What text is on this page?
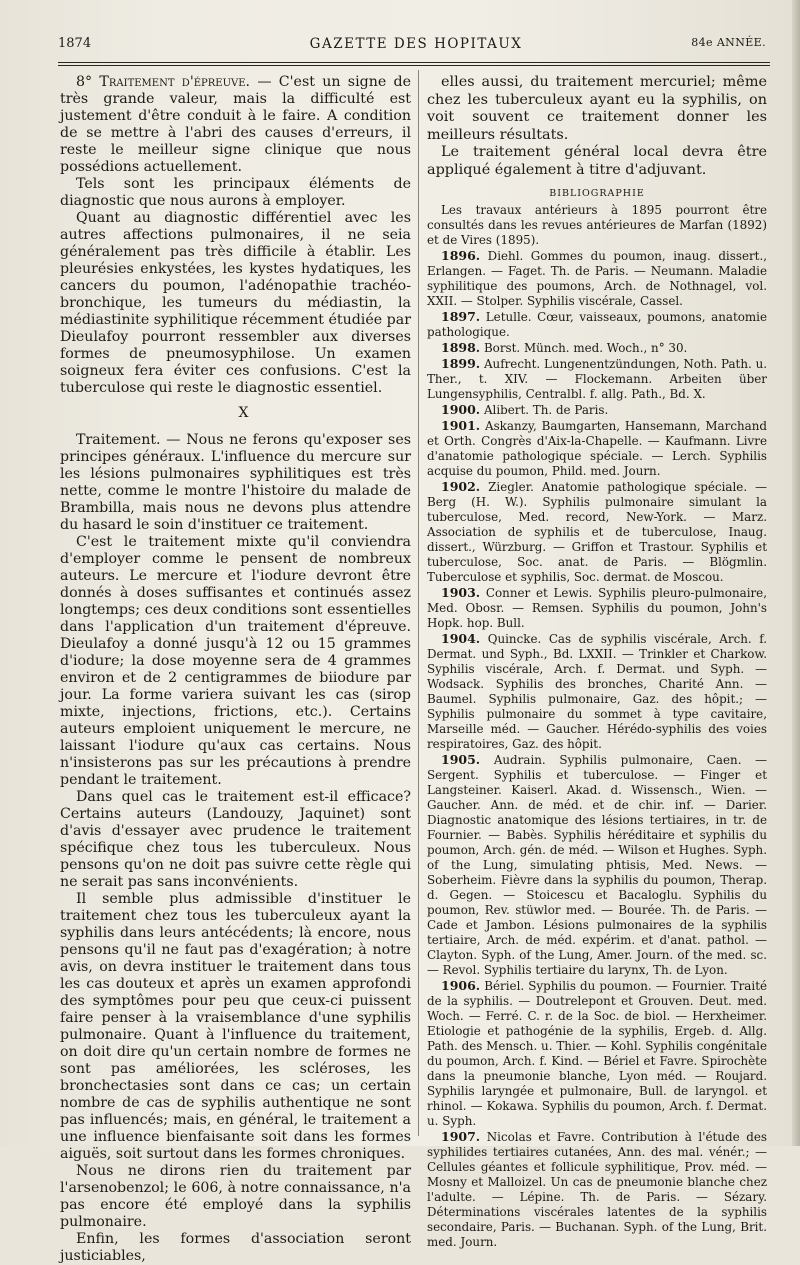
1874	GAZETTE DES HOPITAUX	84e ANNÉE.

8° Traitement d'épreuve. — C'est un signe de très grande valeur, mais la difficulté est justement d'être conduit à le faire. A condition de se mettre à l'abri des causes d'erreurs, il reste le meilleur signe clinique que nous possédions actuellement.

Tels sont les principaux éléments de diagnostic que nous aurons à employer.

Quant au diagnostic différentiel avec les autres affections pulmonaires, il ne seia généralement pas très difficile à établir. Les pleurésies enkystées, les kystes hydatiques, les cancers du poumon, l'adénopathie trachéo-bronchique, les tumeurs du médiastin, la médiastinite syphilitique récemment étudiée par Dieulafoy pourront ressembler aux diverses formes de pneumosyphilose. Un examen soigneux fera éviter ces confusions. C'est la tuberculose qui reste le diagnostic essentiel.

X

Traitement. — Nous ne ferons qu'exposer ses principes généraux. L'influence du mercure sur les lésions pulmonaires syphilitiques est très nette, comme le montre l'histoire du malade de Brambilla, mais nous ne devons plus attendre du hasard le soin d'instituer ce traitement.

C'est le traitement mixte qu'il conviendra d'employer comme le pensent de nombreux auteurs. Le mercure et l'iodure devront être donnés à doses suffisantes et continués assez longtemps; ces deux conditions sont essentielles dans l'application d'un traitement d'épreuve. Dieulafoy a donné jusqu'à 12 ou 15 grammes d'iodure; la dose moyenne sera de 4 grammes environ et de 2 centigrammes de biiodure par jour. La forme variera suivant les cas (sirop mixte, injections, frictions, etc.). Certains auteurs emploient uniquement le mercure, ne laissant l'iodure qu'aux cas certains. Nous n'insisterons pas sur les précautions à prendre pendant le traitement.

Dans quel cas le traitement est-il efficace? Certains auteurs (Landouzy, Jaquinet) sont d'avis d'essayer avec prudence le traitement spécifique chez tous les tuberculeux. Nous pensons qu'on ne doit pas suivre cette règle qui ne serait pas sans inconvénients.

Il semble plus admissible d'instituer le traitement chez tous les tuberculeux ayant la syphilis dans leurs antécédents; là encore, nous pensons qu'il ne faut pas d'exagération; à notre avis, on devra instituer le traitement dans tous les cas douteux et après un examen approfondi des symptômes pour peu que ceux-ci puissent faire penser à la vraisemblance d'une syphilis pulmonaire. Quant à l'influence du traitement, on doit dire qu'un certain nombre de formes ne sont pas améliorées, les scléroses, les bronchectasies sont dans ce cas; un certain nombre de cas de syphilis authentique ne sont pas influencés; mais, en général, le traitement a une influence bienfaisante soit dans les formes aiguës, soit surtout dans les formes chroniques.

Nous ne dirons rien du traitement par l'arsenobenzol; le 606, à notre connaissance, n'a pas encore été employé dans la syphilis pulmonaire.

Enfin, les formes d'association seront justiciables,

elles aussi, du traitement mercuriel; même chez les tuberculeux ayant eu la syphilis, on voit souvent ce traitement donner les meilleurs résultats.

Le traitement général local devra être appliqué également à titre d'adjuvant.

BIBLIOGRAPHIE

Les travaux antérieurs à 1895 pourront être consultés dans les revues antérieures de Marfan (1892) et de Vires (1895).

1896. Diehl. Gommes du poumon, inaug. dissert., Erlangen. — Faget. Th. de Paris. — Neumann. Maladie syphilitique des poumons, Arch. de Nothnagel, vol. XXII. — Stolper. Syphilis viscérale, Cassel.

1897. Letulle. Cœur, vaisseaux, poumons, anatomie pathologique.

1898. Borst. Münch. med. Woch., n° 30.

1899. Aufrecht. Lungenentzündungen, Noth. Path. u. Ther., t. XIV. — Flockemann. Arbeiten über Lungensyphilis, Centralbl. f. allg. Path., Bd. X.

1900. Alibert. Th. de Paris.

1901. Askanzy, Baumgarten, Hansemann, Marchand et Orth. Congrès d'Aix-la-Chapelle. — Kaufmann. Livre d'anatomie pathologique spéciale. — Lerch. Syphilis acquise du poumon, Phild. med. Journ.

1902. Ziegler. Anatomie pathologique spéciale. — Berg (H. W.). Syphilis pulmonaire simulant la tuberculose, Med. record, New-York. — Marz. Association de syphilis et de tuberculose, Inaug. dissert., Würzburg. — Griffon et Trastour. Syphilis et tuberculose, Soc. anat. de Paris. — Blögmlin. Tuberculose et syphilis, Soc. dermat. de Moscou.

1903. Conner et Lewis. Syphilis pleuro-pulmonaire, Med. Obosr. — Remsen. Syphilis du poumon, John's Hopk. hop. Bull.

1904. Quincke. Cas de syphilis viscérale, Arch. f. Dermat. und Syph., Bd. LXXII. — Trinkler et Charkow. Syphilis viscérale, Arch. f. Dermat. und Syph. — Wodsack. Syphilis des bronches, Charité Ann. — Baumel. Syphilis pulmonaire, Gaz. des hôpit.; — Syphilis pulmonaire du sommet à type cavitaire, Marseille méd. — Gaucher. Hérédo-syphilis des voies respiratoires, Gaz. des hôpit.

1905. Audrain. Syphilis pulmonaire, Caen. — Sergent. Syphilis et tuberculose. — Finger et Langsteiner. Kaiserl. Akad. d. Wissensch., Wien. — Gaucher. Ann. de méd. et de chir. inf. — Darier. Diagnostic anatomique des lésions tertiaires, in tr. de Fournier. — Babès. Syphilis héréditaire et syphilis du poumon, Arch. gén. de méd. — Wilson et Hughes. Syph. of the Lung, simulating phtisis, Med. News. — Soberheim. Fièvre dans la syphilis du poumon, Therap. d. Gegen. — Stoicescu et Bacaloglu. Syphilis du poumon, Rev. stüwlor med. — Bourée. Th. de Paris. — Cade et Jambon. Lésions pulmonaires de la syphilis tertiaire, Arch. de méd. expérim. et d'anat. pathol. — Clayton. Syph. of the Lung, Amer. Journ. of the med. sc. — Revol. Syphilis tertiaire du larynx, Th. de Lyon.

1906. Bériel. Syphilis du poumon. — Fournier. Traité de la syphilis. — Doutrelepont et Grouven. Deut. med. Woch. — Ferré. C. r. de la Soc. de biol. — Herxheimer. Etiologie et pathogénie de la syphilis, Ergeb. d. Allg. Path. des Mensch. u. Thier. — Kohl. Syphilis congénitale du poumon, Arch. f. Kind. — Bériel et Favre. Spirochète dans la pneumonie blanche, Lyon méd. — Roujard. Syphilis laryngée et pulmonaire, Bull. de laryngol. et rhinol. — Kokawa. Syphilis du poumon, Arch. f. Dermat. u. Syph.

1907. Nicolas et Favre. Contribution à l'étude des syphilides tertiaires cutanées, Ann. des mal. vénér.; — Cellules géantes et follicule syphilitique, Prov. méd. — Mosny et Malloizel. Un cas de pneumonie blanche chez l'adulte. — Lépine. Th. de Paris. — Sézary. Déterminations viscérales latentes de la syphilis secondaire, Paris. — Buchanan. Syph. of the Lung, Brit. med. Journ.
